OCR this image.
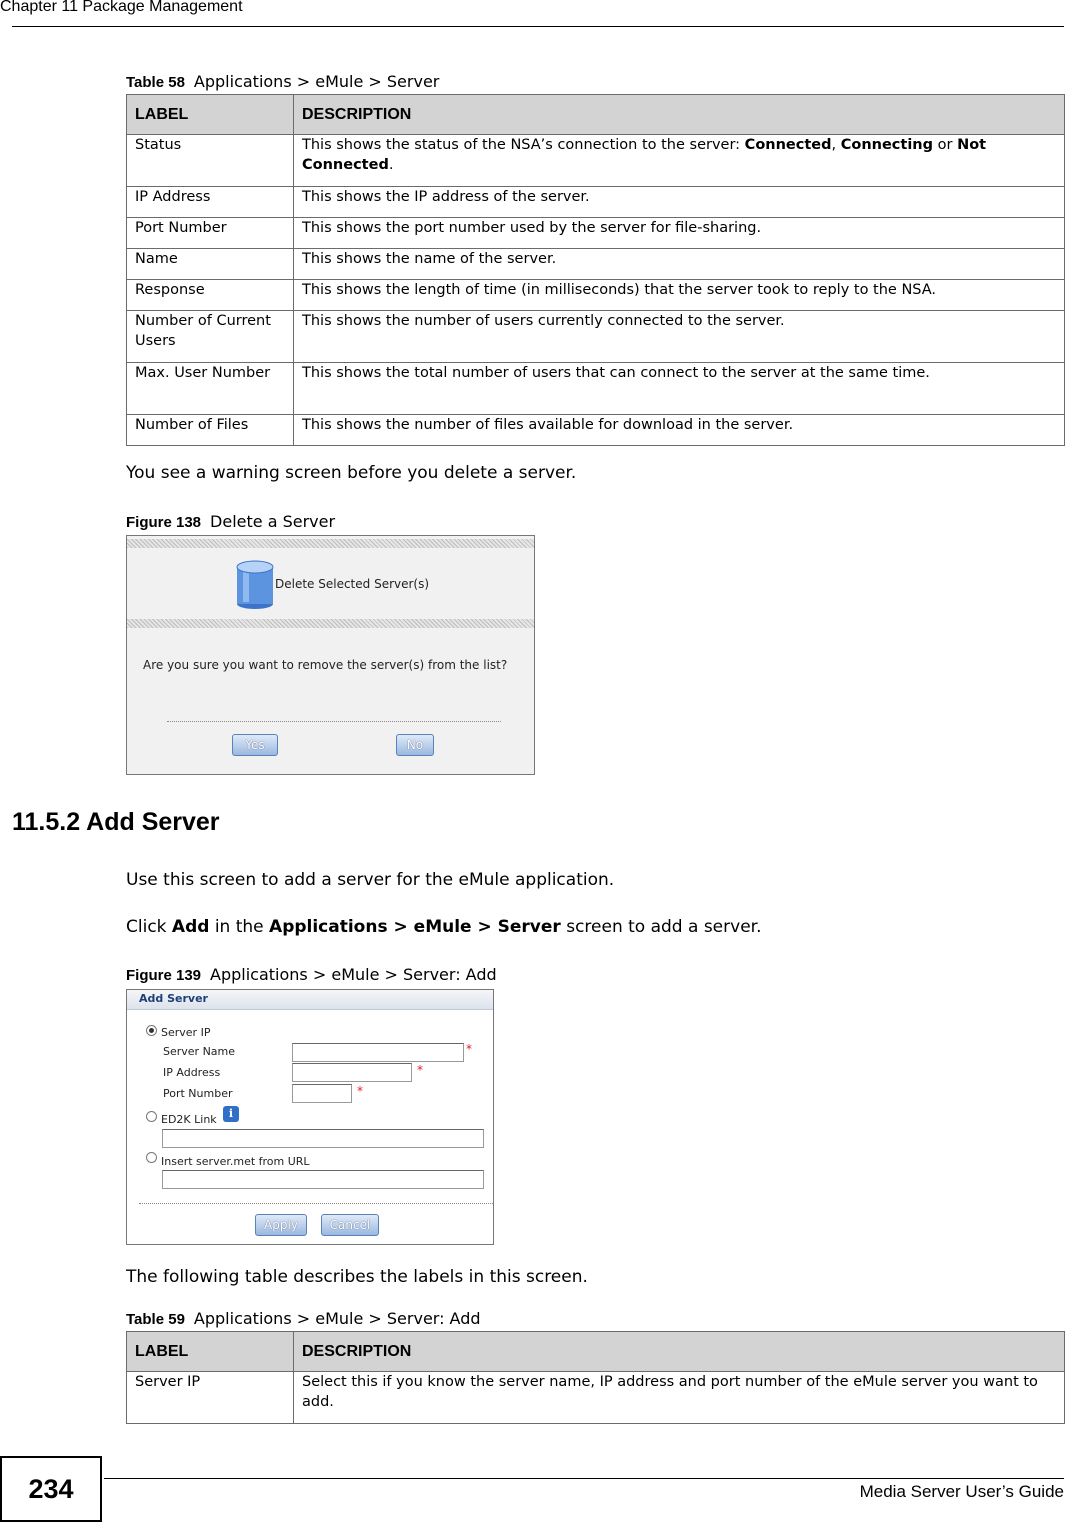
Chapter 11 Package Management
Table 58 Applications > eMule > Server
LABEL	DESCRIPTION
Status	This shows the status of the NSA’s connection to the server: Connected, Connecting or Not Connected.
IP Address	This shows the IP address of the server.
Port Number	This shows the port number used by the server for file-sharing.
Name	This shows the name of the server.
Response	This shows the length of time (in milliseconds) that the server took to reply to the NSA.
Number of Current Users	This shows the number of users currently connected to the server.
Max. User Number	This shows the total number of users that can connect to the server at the same time.
Number of Files	This shows the number of files available for download in the server.
You see a warning screen before you delete a server.
Figure 138 Delete a Server
Delete Selected Server(s)
Are you sure you want to remove the server(s) from the list?
Yes	No
11.5.2 Add Server
Use this screen to add a server for the eMule application.
Click Add in the Applications > eMule > Server screen to add a server.
Figure 139 Applications > eMule > Server: Add
Add Server
Server IP
Server Name	*
IP Address	*
Port Number	*
ED2K Link	i
Insert server.met from URL
Apply	Cancel
The following table describes the labels in this screen.
Table 59 Applications > eMule > Server: Add
LABEL	DESCRIPTION
Server IP	Select this if you know the server name, IP address and port number of the eMule server you want to add.
234	Media Server User’s Guide
